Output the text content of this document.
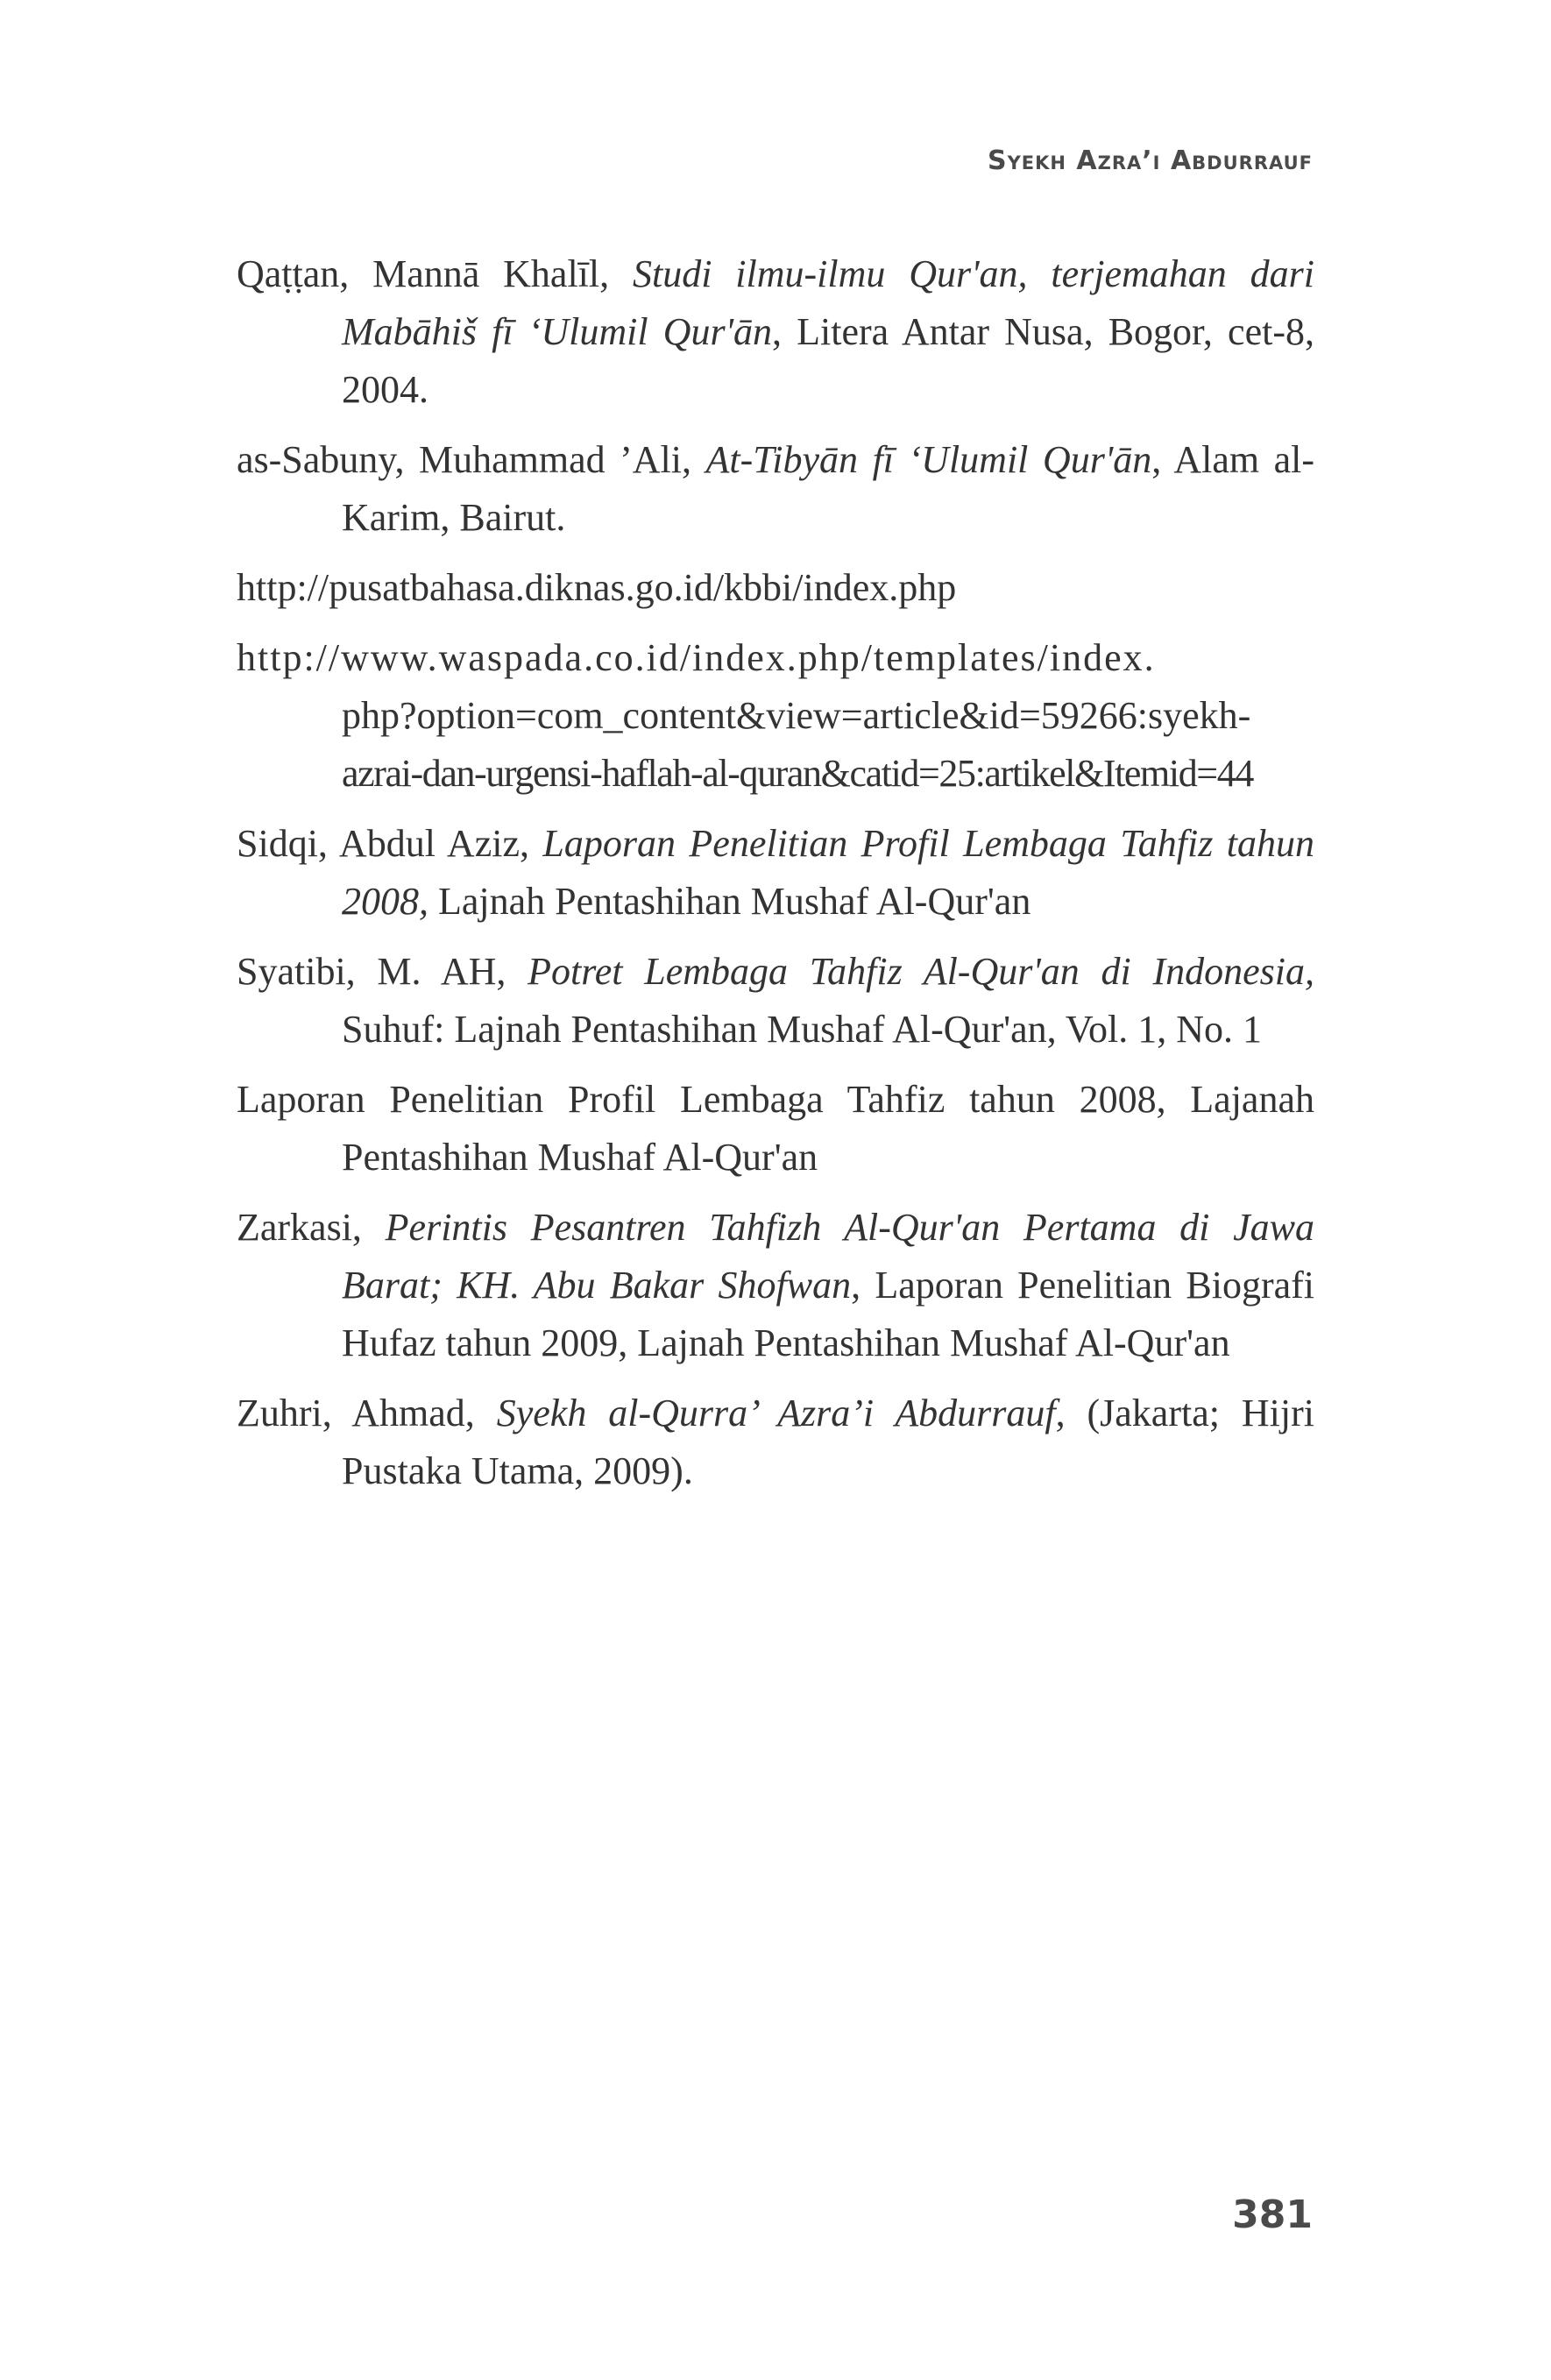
Syekh Azra’i Abdurrauf
Qaṭṭan, Mannā Khalīl, Studi ilmu-ilmu Qur'an, terjemahan dari Mabāhiš fī ‘Ulumil Qur'ān, Litera Antar Nusa, Bogor, cet-8, 2004.
as-Sabuny, Muhammad ’Ali, At-Tibyān fī ‘Ulumil Qur'ān, Alam al-Karim, Bairut.
http://pusatbahasa.diknas.go.id/kbbi/index.php
http://www.waspada.co.id/index.php/templates/index.
php?option=com_content&view=article&id=59266:syekh-
azrai-dan-urgensi-haflah-al-quran&catid=25:artikel&Itemid=44
Sidqi, Abdul Aziz, Laporan Penelitian Profil Lembaga Tahfiz tahun 2008, Lajnah Pentashihan Mushaf Al-Qur'an
Syatibi, M. AH, Potret Lembaga Tahfiz Al-Qur'an di Indonesia, Suhuf: Lajnah Pentashihan Mushaf Al-Qur'an, Vol. 1, No. 1
Laporan Penelitian Profil Lembaga Tahfiz tahun 2008, Lajanah Pentashihan Mushaf Al-Qur'an
Zarkasi, Perintis Pesantren Tahfizh Al-Qur'an Pertama di Jawa Barat; KH. Abu Bakar Shofwan, Laporan Penelitian Biografi Hufaz tahun 2009, Lajnah Pentashihan Mushaf Al-Qur'an
Zuhri, Ahmad, Syekh al-Qurra’ Azra’i Abdurrauf, (Jakarta; Hijri Pustaka Utama, 2009).
381
